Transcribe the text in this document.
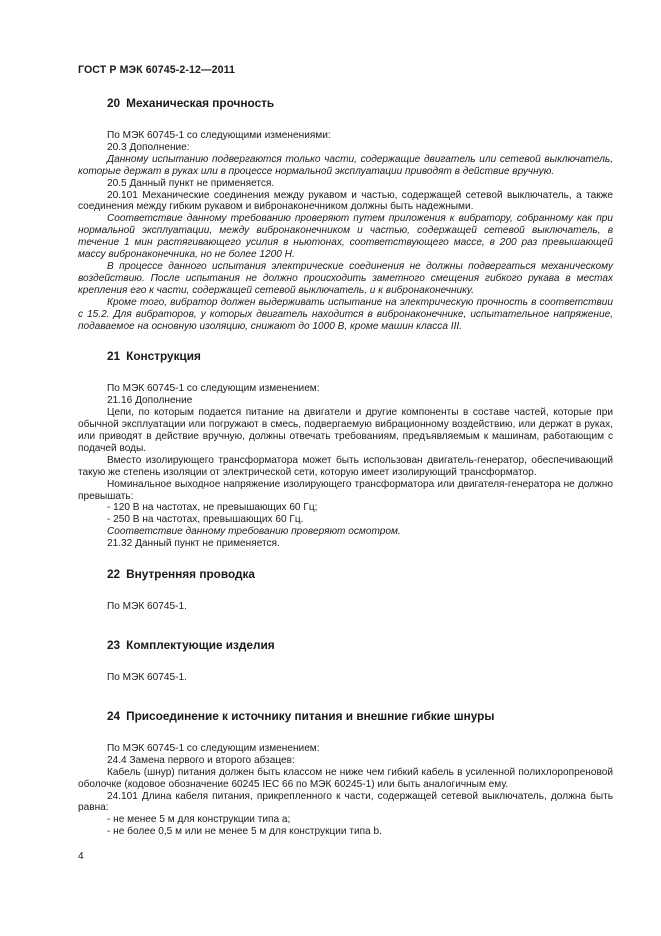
ГОСТ Р МЭК 60745-2-12—2011
20 Механическая прочность

По МЭК 60745-1 со следующими изменениями:

20.3 Дополнение:

Данному испытанию подвергаются только части, содержащие двигатель или сетевой выключатель, которые держат в руках или в процессе нормальной эксплуатации приводят в действие вручную.

20.5 Данный пункт не применяется.

20.101 Механические соединения между рукавом и частью, содержащей сетевой выключатель, а также соединения между гибким рукавом и вибронаконечником должны быть надежными.

Соответствие данному требованию проверяют путем приложения к вибратору, собранному как при нормальной эксплуатации, между вибронаконечником и частью, содержащей сетевой выключатель, в течение 1 мин растягивающего усилия в ньютонах, соответствующего массе, в 200 раз превышающей массу вибронаконечника, но не более 1200 Н.

В процессе данного испытания электрические соединения не должны подвергаться механическому воздействию. После испытания не должно происходить заметного смещения гибкого рукава в местах крепления его к части, содержащей сетевой выключатель, и к вибронаконечнику.

Кроме того, вибратор должен выдерживать испытание на электрическую прочность в соответствии с 15.2. Для вибраторов, у которых двигатель находится в вибронаконечнике, испытательное напряжение, подаваемое на основную изоляцию, снижают до 1000 В, кроме машин класса III.

21 Конструкция

По МЭК 60745-1 со следующим изменением:

21.16 Дополнение

Цепи, по которым подается питание на двигатели и другие компоненты в составе частей, которые при обычной эксплуатации или погружают в смесь, подвергаемую вибрационному воздействию, или держат в руках, или приводят в действие вручную, должны отвечать требованиям, предъявляемым к машинам, работающим с подачей воды.

Вместо изолирующего трансформатора может быть использован двигатель-генератор, обеспечивающий такую же степень изоляции от электрической сети, которую имеет изолирующий трансформатор.

Номинальное выходное напряжение изолирующего трансформатора или двигателя-генератора не должно превышать:

- 120 В на частотах, не превышающих 60 Гц;

- 250 В на частотах, превышающих 60 Гц.

Соответствие данному требованию проверяют осмотром.

21.32 Данный пункт не применяется.

22 Внутренняя проводка

По МЭК 60745-1.

23 Комплектующие изделия

По МЭК 60745-1.

24 Присоединение к источнику питания и внешние гибкие шнуры

По МЭК 60745-1 со следующим изменением:

24.4 Замена первого и второго абзацев:

Кабель (шнур) питания должен быть классом не ниже чем гибкий кабель в усиленной полихлоропреновой оболочке (кодовое обозначение 60245 IEC 66 по МЭК 60245-1) или быть аналогичным ему.

24.101 Длина кабеля питания, прикрепленного к части, содержащей сетевой выключатель, должна быть равна:

- не менее 5 м для конструкции типа a;

- не более 0,5 м или не менее 5 м для конструкции типа b.

4
